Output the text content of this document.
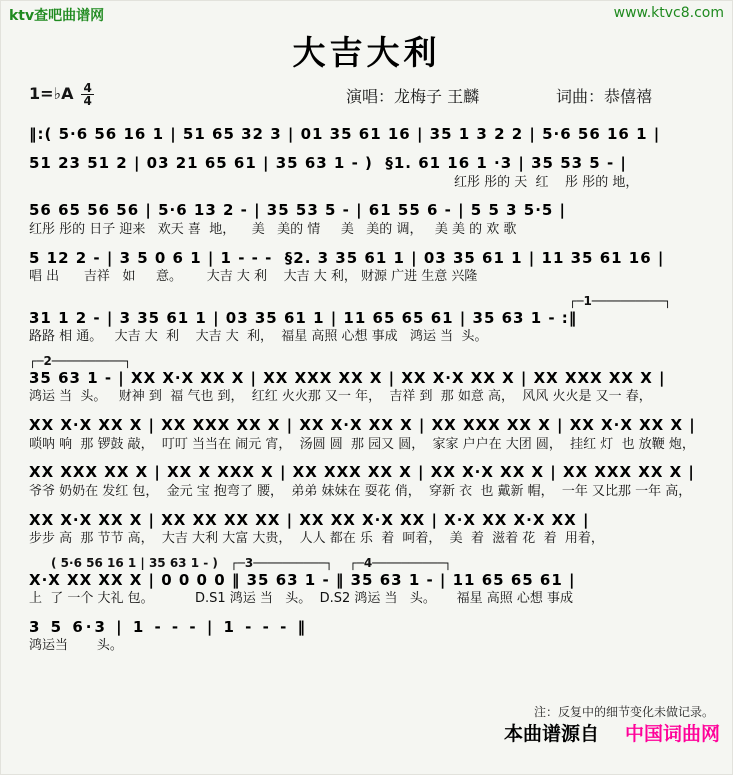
ktv查吧曲谱网	www.ktvc8.com
大吉大利
1=♭A $\frac{4}{4}$	演唱：龙梅子 王麟	词曲：恭僖禧
‖:( 5·6 56 16 1 | 51 65 32 3 | 01 35 61 16 | 35 1 3 2 2 | 5·6 56 16 1 |
51 23 51 2 | 03 21 65 61 | 35 63 1 - )  §1. 61 16 1 ·3 | 35 53 5 - |
红彤 彤的 天  红    彤 彤的 地，
56 65 56 56 | 5·6 13 2 - | 35 53 5 - | 61 55 6 - | 5 5 3 5·5 |
红彤 彤的 日子 迎来   欢天 喜  地，    美   美的 情     美   美的 调，   美 美 的 欢 歌
5 12 2 - | 3 5 0 6 1 | 1 - - -  §2. 3 35 61 1 | 03 35 61 1 | 11 35 61 16 |
唱 出      吉祥   如     意。      大吉 大 利    大吉 大 利， 财源 广进 生意 兴隆
┌─1──────────┐
31 1 2 - | 3 35 61 1 | 03 35 61 1 | 11 65 65 61 | 35 63 1 - :‖
路路 相 通。   大吉 大  利    大吉 大  利，  福星 高照 心想 事成   鸿运 当  头。
┌─2──────────┐
35 63 1 - | XX X·X XX X | XX XXX XX X | XX X·X XX X | XX XXX XX X |
鸿运 当  头。   财神 到  福 气也 到，  红红 火火那 又一 年，  吉祥 到  那 如意 高，  风风 火火是 又一 春，
XX X·X XX X | XX XXX XX X | XX X·X XX X | XX XXX XX X | XX X·X XX X |
唢呐 响  那 锣鼓 敲，  叮叮 当当在 闹元 宵，  汤圆 圆  那 园又 圆，  家家 户户在 大团 圆，  挂红 灯  也 放鞭 炮，
XX XXX XX X | XX X XXX X | XX XXX XX X | XX X·X XX X | XX XXX XX X |
爷爷 奶奶在 发红 包，  金元 宝 抱弯了 腰，  弟弟 妹妹在 耍花 俏，  穿新 衣  也 戴新 帽，  一年 又比那 一年 高，
XX X·X XX X | XX XX XX XX | XX XX X·X XX | X·X XX X·X XX |
步步 高  那 节节 高，  大吉 大利 大富 大贵，  人人 都在 乐  着  呵着，  美  着  滋着 花  着  用着，
( 5·6 56 16 1 | 35 63 1 - )   ┌─3──────────┐    ┌─4──────────┐
X·X XX XX X | 0 0 0 0 ‖ 35 63 1 - ‖ 35 63 1 - | 11 65 65 61 |
上  了 一个 大礼 包。          D.S1 鸿运 当   头。  D.S2 鸿运 当   头。     福星 高照 心想 事成
3 5 6·3 | 1 - - - | 1 - - - ‖
鸿运当       头。
注：反复中的细节变化未做记录。

本曲谱源自 中国词曲网
